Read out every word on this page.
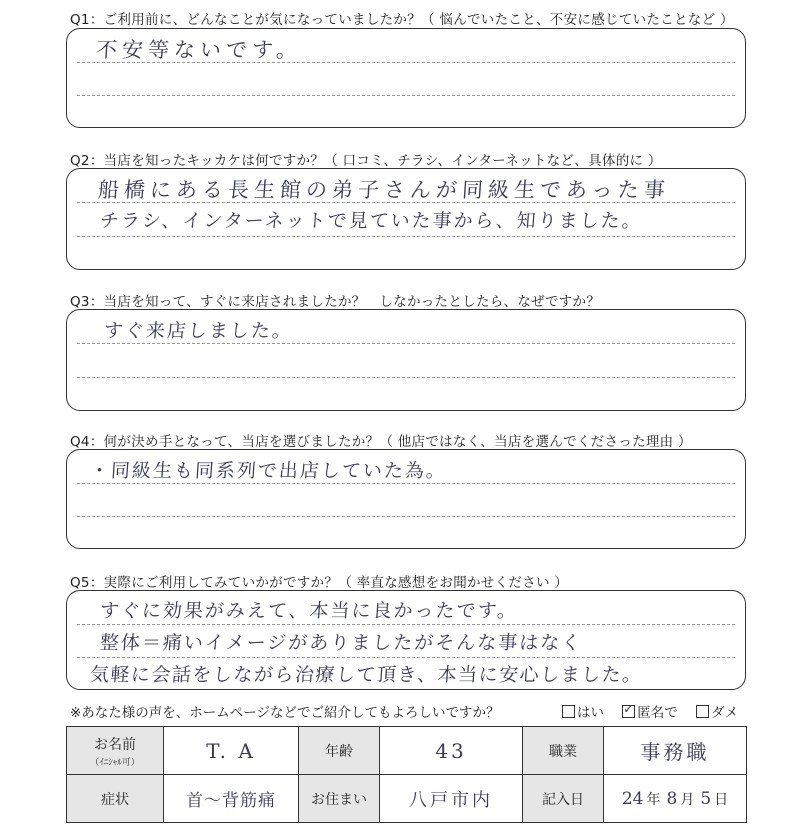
Q1：ご利用前に、どんなことが気になっていましたか？（ 悩んでいたこと、不安に感じていたことなど ）
不安等ないです。
Q2：当店を知ったキッカケは何ですか？（ 口コミ、チラシ、インターネットなど、具体的に ）
船橋にある長生館の弟子さんが同級生であった事
チラシ、インターネットで見ていた事から、知りました。
Q3：当店を知って、すぐに来店されましたか？　しなかったとしたら、なぜですか？
すぐ来店しました。
Q4：何が決め手となって、当店を選びましたか？（ 他店ではなく、当店を選んでくださった理由 ）
・同級生も同系列で出店していた為。
Q5：実際にご利用してみていかがですか？（ 率直な感想をお聞かせください ）
すぐに効果がみえて、本当に良かったです。
整体＝痛いイメージがありましたがそんな事はなく
気軽に会話をしながら治療して頂き、本当に安心しました。
※あなた様の声を、ホームページなどでご紹介してもよろしいですか？	はい ✓ 匿名で ダメ
お名前
（ｲﾆｼｬﾙ可）	T. A	年齢	43	職業	事務職
症状	首～背筋痛	お住まい	八戸市内	記入日	24 年 8 月 5 日
